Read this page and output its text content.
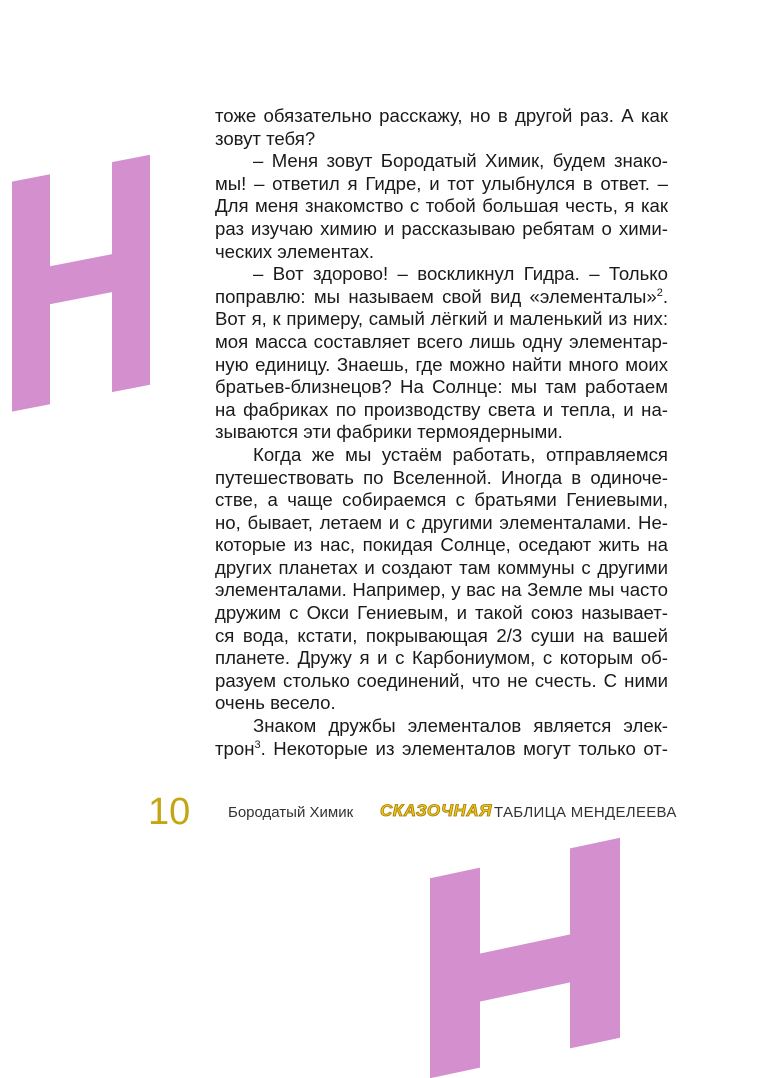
тоже обязательно расскажу, но в другой раз. А как
зовут тебя?
– Меня зовут Бородатый Химик, будем знако-
мы! – ответил я Гидре, и тот улыбнулся в ответ. –
Для меня знакомство с тобой большая честь, я как
раз изучаю химию и рассказываю ребятам о хими-
ческих элементах.
– Вот здорово! – воскликнул Гидра. – Только
поправлю: мы называем свой вид «элементалы»$^2$.
Вот я, к примеру, самый лёгкий и маленький из них:
моя масса составляет всего лишь одну элементар-
ную единицу. Знаешь, где можно найти много моих
братьев-близнецов? На Солнце: мы там работаем
на фабриках по производству света и тепла, и на-
зываются эти фабрики термоядерными.
Когда же мы устаём работать, отправляемся
путешествовать по Вселенной. Иногда в одиноче-
стве, а чаще собираемся с братьями Гениевыми,
но, бывает, летаем и с другими элементалами. Не-
которые из нас, покидая Солнце, оседают жить на
других планетах и создают там коммуны с другими
элементалами. Например, у вас на Земле мы часто
дружим с Окси Гениевым, и такой союз называет-
ся вода, кстати, покрывающая 2/3 суши на вашей
планете. Дружу я и с Карбониумом, с которым об-
разуем столько соединений, что не счесть. С ними
очень весело.
Знаком дружбы элементалов является элек-
трон$^3$. Некоторые из элементалов могут только от-
10	Бородатый Химик СКАЗОЧНАЯ ТАБЛИЦА МЕНДЕЛЕЕВА
